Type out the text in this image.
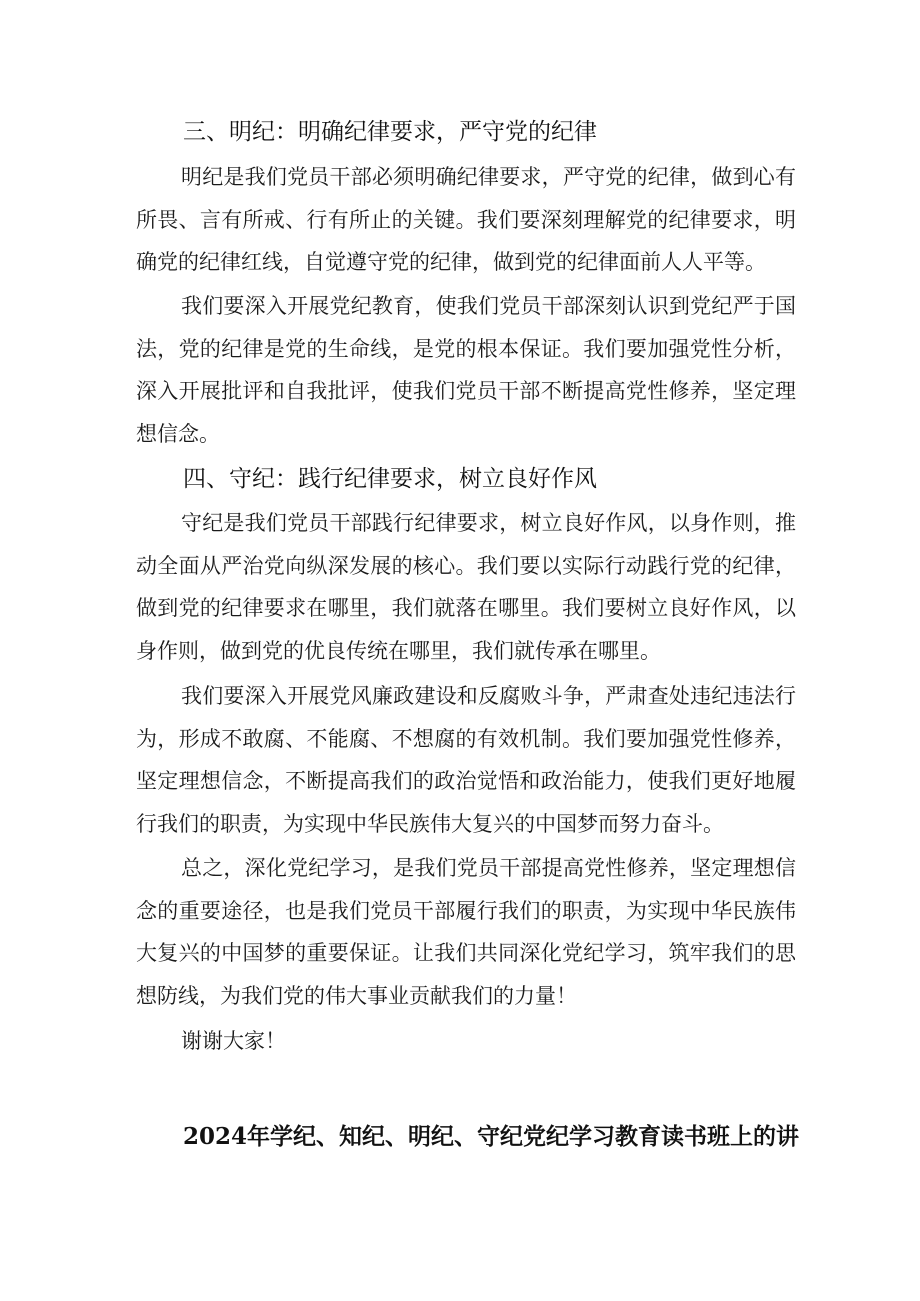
三、明纪：明确纪律要求，严守党的纪律

明纪是我们党员干部必须明确纪律要求，严守党的纪律，做到心有所畏、言有所戒、行有所止的关键。我们要深刻理解党的纪律要求，明确党的纪律红线，自觉遵守党的纪律，做到党的纪律面前人人平等。

我们要深入开展党纪教育，使我们党员干部深刻认识到党纪严于国法，党的纪律是党的生命线，是党的根本保证。我们要加强党性分析，深入开展批评和自我批评，使我们党员干部不断提高党性修养，坚定理想信念。

四、守纪：践行纪律要求，树立良好作风

守纪是我们党员干部践行纪律要求，树立良好作风，以身作则，推动全面从严治党向纵深发展的核心。我们要以实际行动践行党的纪律，做到党的纪律要求在哪里，我们就落在哪里。我们要树立良好作风，以身作则，做到党的优良传统在哪里，我们就传承在哪里。

我们要深入开展党风廉政建设和反腐败斗争，严肃查处违纪违法行为，形成不敢腐、不能腐、不想腐的有效机制。我们要加强党性修养，坚定理想信念，不断提高我们的政治觉悟和政治能力，使我们更好地履行我们的职责，为实现中华民族伟大复兴的中国梦而努力奋斗。

总之，深化党纪学习，是我们党员干部提高党性修养，坚定理想信念的重要途径，也是我们党员干部履行我们的职责，为实现中华民族伟大复兴的中国梦的重要保证。让我们共同深化党纪学习，筑牢我们的思想防线，为我们党的伟大事业贡献我们的力量！

谢谢大家！
2024年学纪、知纪、明纪、守纪党纪学习教育读书班上的讲
